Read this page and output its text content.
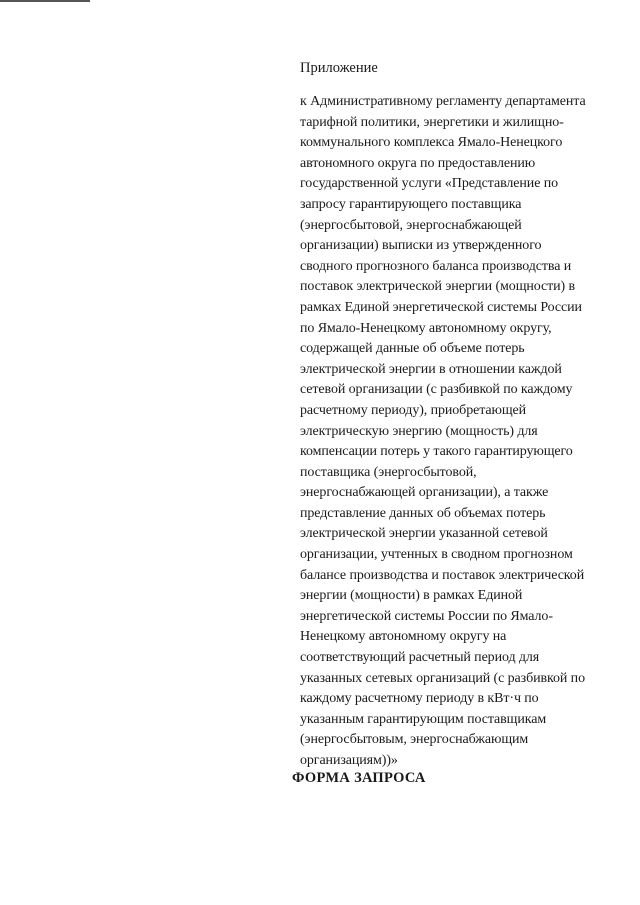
Приложение
к Административному регламенту департамента
тарифной политики, энергетики и жилищно-
коммунального комплекса Ямало-Ненецкого
автономного округа по предоставлению
государственной услуги «Представление по
запросу гарантирующего поставщика
(энергосбытовой, энергоснабжающей
организации) выписки из утвержденного
сводного прогнозного баланса производства и
поставок электрической энергии (мощности) в
рамках Единой энергетической системы России
по Ямало-Ненецкому автономному округу,
содержащей данные об объеме потерь
электрической энергии в отношении каждой
сетевой организации (с разбивкой по каждому
расчетному периоду), приобретающей
электрическую энергию (мощность) для
компенсации потерь у такого гарантирующего
поставщика (энергосбытовой,
энергоснабжающей организации), а также
представление данных об объемах потерь
электрической энергии указанной сетевой
организации, учтенных в сводном прогнозном
балансе производства и поставок электрической
энергии (мощности) в рамках Единой
энергетической системы России по Ямало-
Ненецкому автономному округу на
соответствующий расчетный период для
указанных сетевых организаций (с разбивкой по
каждому расчетному периоду в кВт·ч по
указанным гарантирующим поставщикам
(энергосбытовым, энергоснабжающим
организациям))»
ФОРМА ЗАПРОСА
